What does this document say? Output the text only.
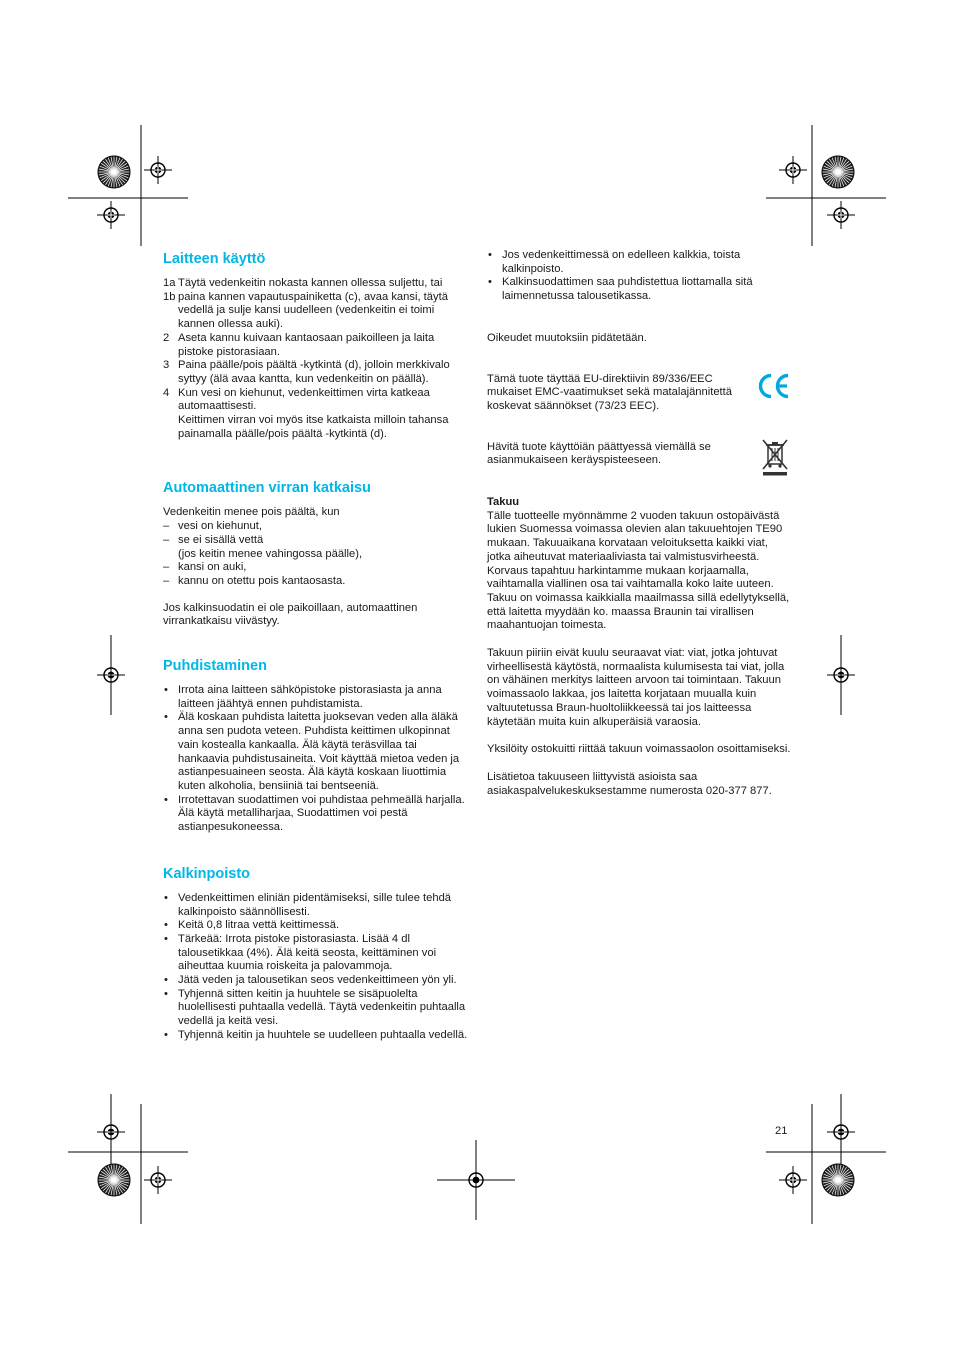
Laitteen käyttö
1a Täytä vedenkeitin nokasta kannen ollessa suljettu, tai
1b paina kannen vapautuspainiketta (c), avaa kansi, täytä vedellä ja sulje kansi uudelleen (vedenkeitin ei toimi kannen ollessa auki).
2 Aseta kannu kuivaan kantaosaan paikoilleen ja laita pistoke pistorasiaan.
3 Paina päälle/pois päältä -kytkintä (d), jolloin merkkivalo syttyy (älä avaa kantta, kun vedenkeitin on päällä).
4 Kun vesi on kiehunut, vedenkeittimen virta katkeaa automaattisesti.
Keittimen virran voi myös itse katkaista milloin tahansa painamalla päälle/pois päältä -kytkintä (d).
Automaattinen virran katkaisu

Vedenkeitin menee pois päältä, kun

– vesi on kiehunut,
– se ei sisällä vettä
(jos keitin menee vahingossa päälle),
– kansi on auki,
– kannu on otettu pois kantaosasta.

Jos kalkinsuodatin ei ole paikoillaan, automaattinen virrankatkaisu viivästyy.

Puhdistaminen
• Irrota aina laitteen sähköpistoke pistorasiasta ja anna laitteen jäähtyä ennen puhdistamista.
• Älä koskaan puhdista laitetta juoksevan veden alla äläkä anna sen pudota veteen. Puhdista keittimen ulkopinnat vain kostealla kankaalla. Älä käytä teräsvillaa tai hankaavia puhdistusaineita. Voit käyttää mietoa veden ja astianpesuaineen seosta. Älä käytä koskaan liuottimia kuten alkoholia, bensiiniä tai bentseeniä.
• Irrotettavan suodattimen voi puhdistaa pehmeällä harjalla. Älä käytä metalliharjaa, Suodattimen voi pestä astianpesukoneessa.
Kalkinpoisto
• Vedenkeittimen eliniän pidentämiseksi, sille tulee tehdä kalkinpoisto säännöllisesti.
• Keitä 0,8 litraa vettä keittimessä.
• Tärkeää: Irrota pistoke pistorasiasta. Lisää 4 dl talousetikkaa (4%). Älä keitä seosta, keittäminen voi aiheuttaa kuumia roiskeita ja palovammoja.
• Jätä veden ja talousetikan seos vedenkeittimeen yön yli.
• Tyhjennä sitten keitin ja huuhtele se sisäpuolelta huolellisesti puhtaalla vedellä. Täytä vedenkeitin puhtaalla vedellä ja keitä vesi.
• Tyhjennä keitin ja huuhtele se uudelleen puhtaalla vedellä.
• Jos vedenkeittimessä on edelleen kalkkia, toista kalkinpoisto.
• Kalkinsuodattimen saa puhdistettua liottamalla sitä laimennetussa talousetikassa.

Oikeudet muutoksiin pidätetään.

Tämä tuote täyttää EU-direktiivin 89/336/EEC mukaiset EMC-vaatimukset sekä matalajännitettä koskevat säännökset (73/23 EEC).

Hävitä tuote käyttöiän päättyessä viemällä se asianmukaiseen keräyspisteeseen.

Takuu

Tälle tuotteelle myönnämme 2 vuoden takuun ostopäivästä lukien Suomessa voimassa olevien alan takuuehtojen TE90 mukaan. Takuuaikana korvataan veloituksetta kaikki viat, jotka aiheutuvat materiaaliviasta tai valmistusvirheestä. Korvaus tapahtuu harkintamme mukaan korjaamalla, vaihtamalla viallinen osa tai vaihtamalla koko laite uuteen. Takuu on voimassa kaikkialla maailmassa sillä edellytyksellä, että laitetta myydään ko. maassa Braunin tai virallisen maahantuojan toimesta.

Takuun piiriin eivät kuulu seuraavat viat: viat, jotka johtuvat virheellisestä käytöstä, normaalista kulumisesta tai viat, jolla on vähäinen merkitys laitteen arvoon tai toimintaan. Takuun voimassaolo lakkaa, jos laitetta korjataan muualla kuin valtuutetussa Braun-huoltoliikkeessä tai jos laitteessa käytetään muita kuin alkuperäisiä varaosia.

Yksilöity ostokuitti riittää takuun voimassaolon osoittamiseksi.

Lisätietoa takuuseen liittyvistä asioista saa asiakaspalvelukeskuksestamme numerosta 020-377 877.

21
